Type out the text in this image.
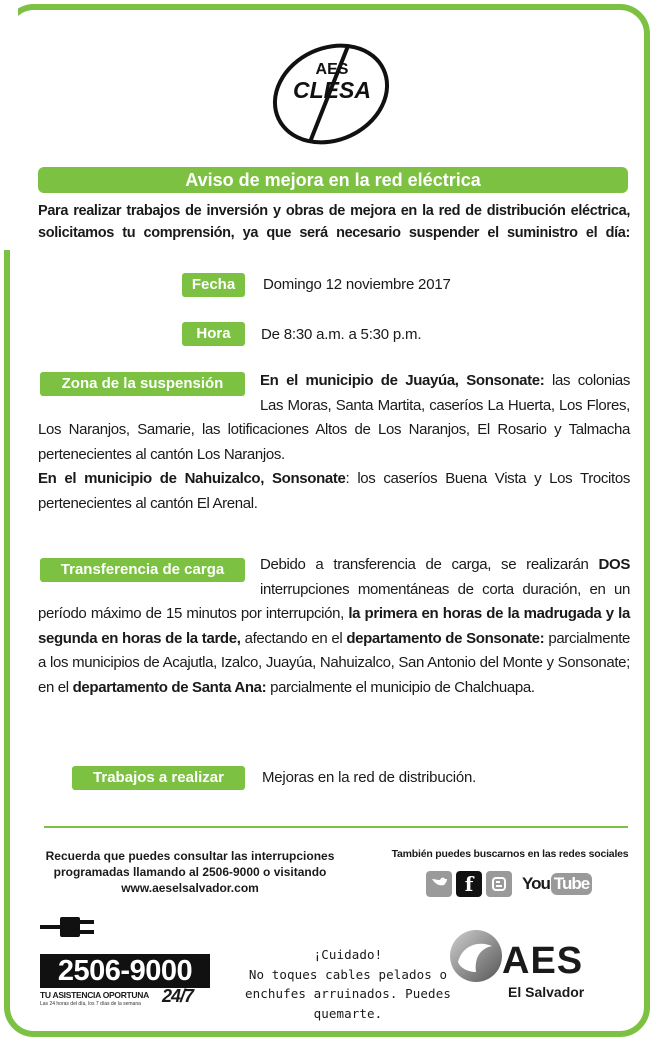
AES
CLESA
Aviso de mejora en la red eléctrica

Para realizar trabajos de inversión y obras de mejora en la red de distribución eléctrica, solicitamos tu comprensión, ya que será necesario suspender el suministro el día:

Fecha	Domingo 12 noviembre 2017
Hora	De 8:30 a.m. a 5:30 p.m.
Zona de la suspensión	En el municipio de Juayúa, Sonsonate: las colonias Las Moras, Santa Martita, caseríos La Huerta, Los Flores, Los Naranjos, Samarie, las lotificaciones Altos de Los Naranjos, El Rosario y Talmacha pertenecientes al cantón Los Naranjos.
En el municipio de Nahuizalco, Sonsonate: los caseríos Buena Vista y Los Trocitos pertenecientes al cantón El Arenal.
Transferencia de carga	Debido a transferencia de carga, se realizarán DOS interrupciones momentáneas de corta duración, en un período máximo de 15 minutos por interrupción, la primera en horas de la madrugada y la segunda en horas de la tarde, afectando en el departamento de Sonsonate: parcialmente a los municipios de Acajutla, Izalco, Juayúa, Nahuizalco, San Antonio del Monte y Sonsonate; en el departamento de Santa Ana: parcialmente el municipio de Chalchuapa.
Trabajos a realizar	Mejoras en la red de distribución.
Recuerda que puedes consultar las interrupciones
programadas llamando al 2506-9000 o visitando
www.aeselsalvador.com
También puedes buscarnos en las redes sociales
f	You Tube
2506-9000
TU ASISTENCIA OPORTUNA
Las 24 horas del día, los 7 días de la semana 24/7
¡Cuidado!
No toques cables pelados o
enchufes arruinados. Puedes
quemarte.
AES
El Salvador
